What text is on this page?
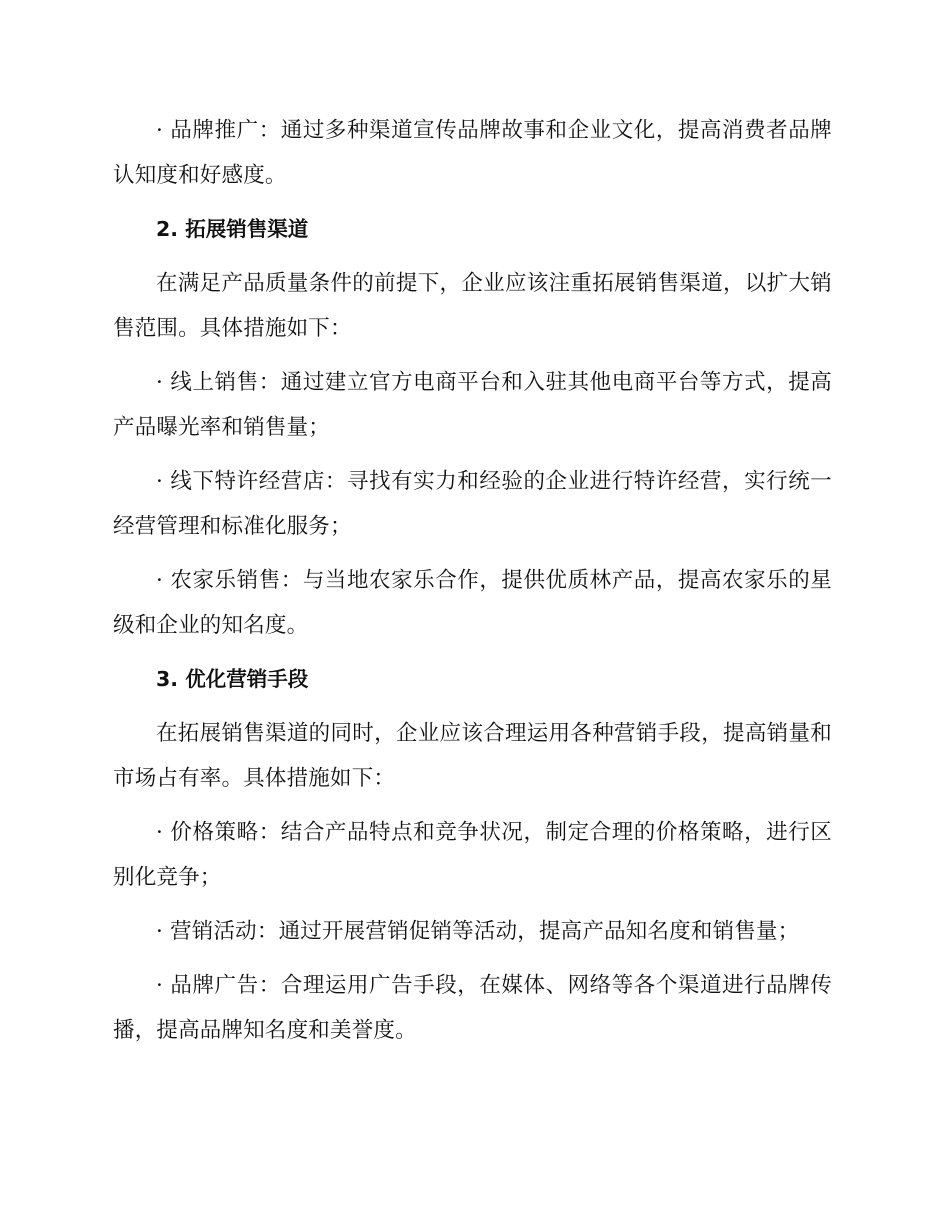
· 品牌推广：通过多种渠道宣传品牌故事和企业文化，提高消费者品牌认知度和好感度。

2. 拓展销售渠道

在满足产品质量条件的前提下，企业应该注重拓展销售渠道，以扩大销售范围。具体措施如下：

· 线上销售：通过建立官方电商平台和入驻其他电商平台等方式，提高产品曝光率和销售量；

· 线下特许经营店：寻找有实力和经验的企业进行特许经营，实行统一经营管理和标准化服务；

· 农家乐销售：与当地农家乐合作，提供优质林产品，提高农家乐的星级和企业的知名度。

3. 优化营销手段

在拓展销售渠道的同时，企业应该合理运用各种营销手段，提高销量和市场占有率。具体措施如下：

· 价格策略：结合产品特点和竞争状况，制定合理的价格策略，进行区别化竞争；

· 营销活动：通过开展营销促销等活动，提高产品知名度和销售量；

· 品牌广告：合理运用广告手段，在媒体、网络等各个渠道进行品牌传播，提高品牌知名度和美誉度。
